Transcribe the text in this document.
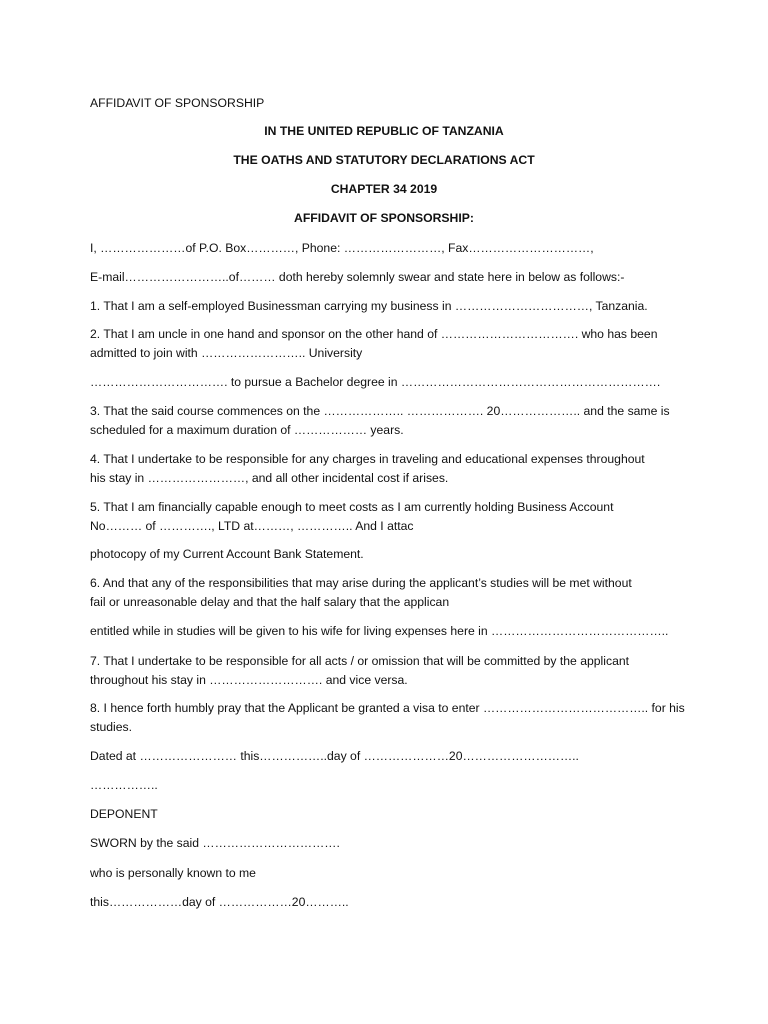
AFFIDAVIT OF SPONSORSHIP
IN THE UNITED REPUBLIC OF TANZANIA
THE OATHS AND STATUTORY DECLARATIONS ACT
CHAPTER 34 2019
AFFIDAVIT OF SPONSORSHIP:
I, …………………of P.O. Box…………, Phone: ……………………, Fax…………………………,
E-mail……………………..of……… doth hereby solemnly swear and state here in below as follows:-
1. That I am a self-employed Businessman carrying my business in ……………………………, Tanzania.
2. That I am uncle in one hand and sponsor on the other hand of ……………………………. who has been
admitted to join with …………………….. University
……………………………. to pursue a Bachelor degree in ……………………………………………………….
3. That the said course commences on the ……………….. ………………. 20……………….. and the same is
scheduled for a maximum duration of ……………… years.
4. That I undertake to be responsible for any charges in traveling and educational expenses throughout
his stay in ……………………, and all other incidental cost if arises.
5. That I am financially capable enough to meet costs as I am currently holding Business Account
No……… of …………., LTD at………, ………….. And I attac
photocopy of my Current Account Bank Statement.
6. And that any of the responsibilities that may arise during the applicant’s studies will be met without
fail or unreasonable delay and that the half salary that the applican
entitled while in studies will be given to his wife for living expenses here in ……………………………………..
7. That I undertake to be responsible for all acts / or omission that will be committed by the applicant
throughout his stay in ………………………. and vice versa.
8. I hence forth humbly pray that the Applicant be granted a visa to enter ………………………………….. for his
studies.
Dated at …………………… this……………..day of …………………20………………………..
……………..
DEPONENT
SWORN by the said …………………………….
who is personally known to me
this………………day of ………………20………..
